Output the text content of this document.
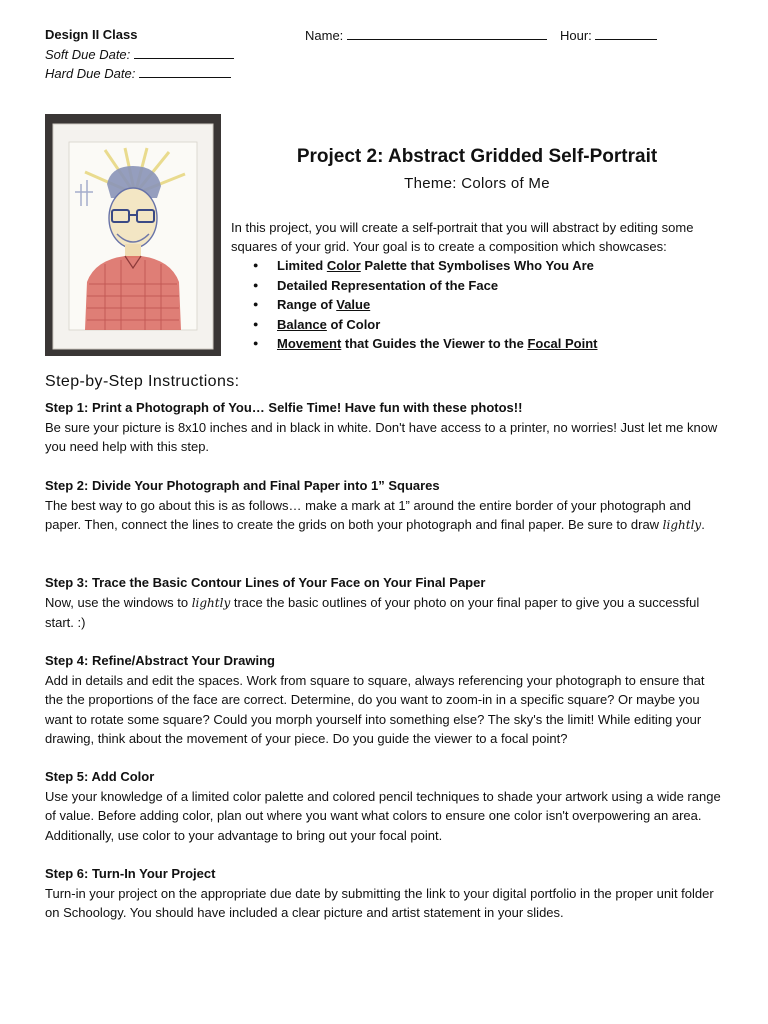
Design II Class
Soft Due Date:
Hard Due Date:
Name:	Hour:
Project 2: Abstract Gridded Self-Portrait
Theme: Colors of Me
In this project, you will create a self-portrait that you will abstract by editing some squares of your grid. Your goal is to create a composition which showcases:
● Limited Color Palette that Symbolises Who You Are
● Detailed Representation of the Face
● Range of Value
● Balance of Color
● Movement that Guides the Viewer to the Focal Point
Step-by-Step Instructions:
Step 1: Print a Photograph of You… Selfie Time! Have fun with these photos!!
Be sure your picture is 8x10 inches and in black in white. Don't have access to a printer, no worries! Just let me know you need help with this step.
Step 2: Divide Your Photograph and Final Paper into 1” Squares
The best way to go about this is as follows… make a mark at 1” around the entire border of your photograph and paper. Then, connect the lines to create the grids on both your photograph and final paper. Be sure to draw lightly.
Step 3: Trace the Basic Contour Lines of Your Face on Your Final Paper
Now, use the windows to lightly trace the basic outlines of your photo on your final paper to give you a successful start. :)
Step 4: Refine/Abstract Your Drawing
Add in details and edit the spaces. Work from square to square, always referencing your photograph to ensure that the the proportions of the face are correct. Determine, do you want to zoom-in in a specific square? Or maybe you want to rotate some square? Could you morph yourself into something else? The sky's the limit! While editing your drawing, think about the movement of your piece. Do you guide the viewer to a focal point?
Step 5: Add Color
Use your knowledge of a limited color palette and colored pencil techniques to shade your artwork using a wide range of value. Before adding color, plan out where you want what colors to ensure one color isn't overpowering an area. Additionally, use color to your advantage to bring out your focal point.
Step 6: Turn-In Your Project
Turn-in your project on the appropriate due date by submitting the link to your digital portfolio in the proper unit folder on Schoology. You should have included a clear picture and artist statement in your slides.
